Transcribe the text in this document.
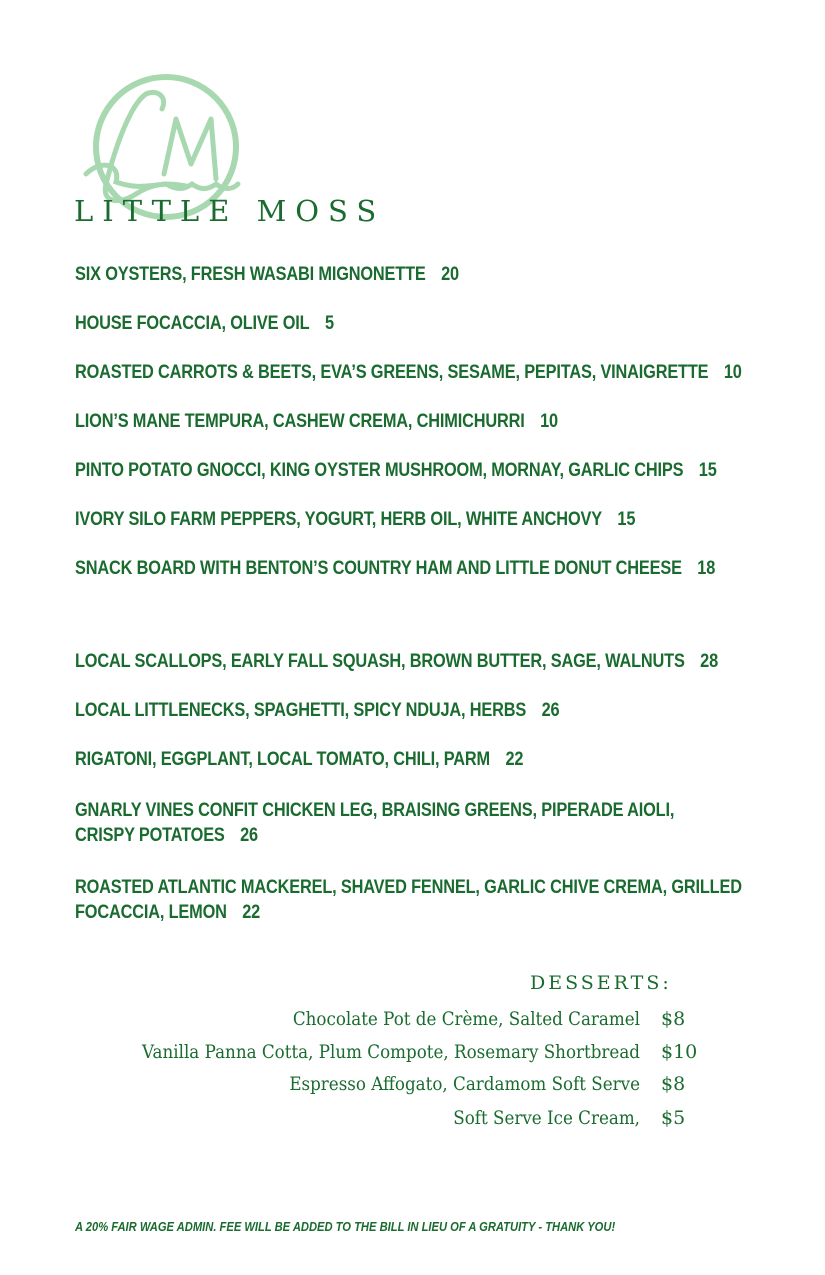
LITTLE MOSS
SIX OYSTERS, FRESH WASABI MIGNONETTE 20
HOUSE FOCACCIA, OLIVE OIL 5
ROASTED CARROTS & BEETS, EVA’S GREENS, SESAME, PEPITAS, VINAIGRETTE 10
LION’S MANE TEMPURA, CASHEW CREMA, CHIMICHURRI 10
PINTO POTATO GNOCCI, KING OYSTER MUSHROOM, MORNAY, GARLIC CHIPS 15
IVORY SILO FARM PEPPERS, YOGURT, HERB OIL, WHITE ANCHOVY 15
SNACK BOARD WITH BENTON’S COUNTRY HAM AND LITTLE DONUT CHEESE 18
LOCAL SCALLOPS, EARLY FALL SQUASH, BROWN BUTTER, SAGE, WALNUTS 28
LOCAL LITTLENECKS, SPAGHETTI, SPICY NDUJA, HERBS 26
RIGATONI, EGGPLANT, LOCAL TOMATO, CHILI, PARM 22
GNARLY VINES CONFIT CHICKEN LEG, BRAISING GREENS, PIPERADE AIOLI,
CRISPY POTATOES 26
ROASTED ATLANTIC MACKEREL, SHAVED FENNEL, GARLIC CHIVE CREMA, GRILLED
FOCACCIA, LEMON 22
DESSERTS:
Chocolate Pot de Crème, Salted Caramel $8
Vanilla Panna Cotta, Plum Compote, Rosemary Shortbread $10
Espresso Affogato, Cardamom Soft Serve $8
Soft Serve Ice Cream, $5
A 20% FAIR WAGE ADMIN. FEE WILL BE ADDED TO THE BILL IN LIEU OF A GRATUITY - THANK YOU!
